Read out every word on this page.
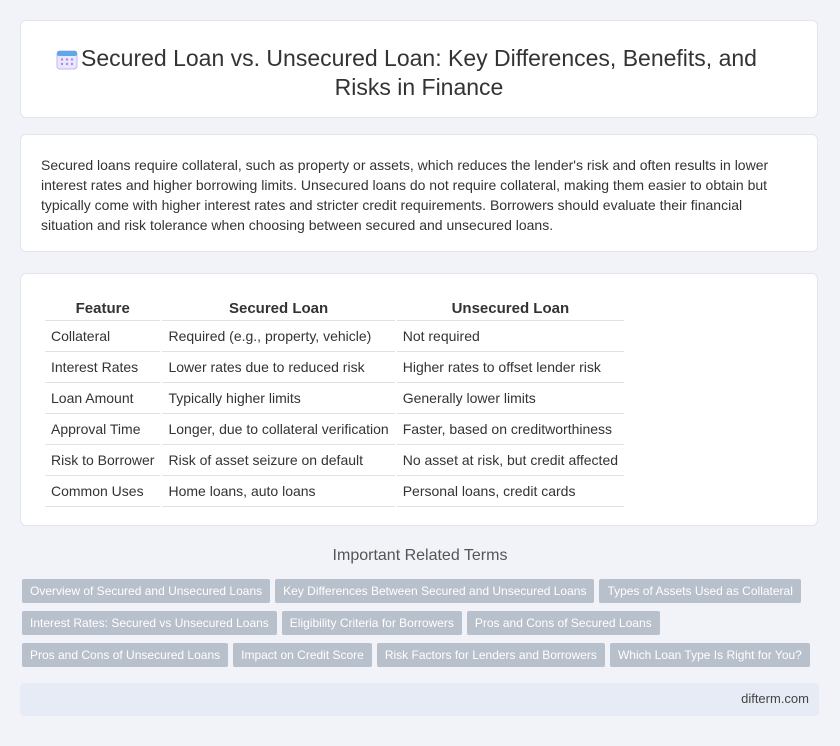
Secured Loan vs. Unsecured Loan: Key Differences, Benefits, and Risks in Finance

Secured loans require collateral, such as property or assets, which reduces the lender's risk and often results in lower interest rates and higher borrowing limits. Unsecured loans do not require collateral, making them easier to obtain but typically come with higher interest rates and stricter credit requirements. Borrowers should evaluate their financial situation and risk tolerance when choosing between secured and unsecured loans.

Feature	Secured Loan	Unsecured Loan
Collateral	Required (e.g., property, vehicle)	Not required
Interest Rates	Lower rates due to reduced risk	Higher rates to offset lender risk
Loan Amount	Typically higher limits	Generally lower limits
Approval Time	Longer, due to collateral verification	Faster, based on creditworthiness
Risk to Borrower	Risk of asset seizure on default	No asset at risk, but credit affected
Common Uses	Home loans, auto loans	Personal loans, credit cards
Important Related Terms
Overview of Secured and Unsecured Loans Key Differences Between Secured and Unsecured Loans Types of Assets Used as Collateral
Interest Rates: Secured vs Unsecured Loans Eligibility Criteria for Borrowers Pros and Cons of Secured Loans
Pros and Cons of Unsecured Loans Impact on Credit Score Risk Factors for Lenders and Borrowers Which Loan Type Is Right for You?
difterm.com
